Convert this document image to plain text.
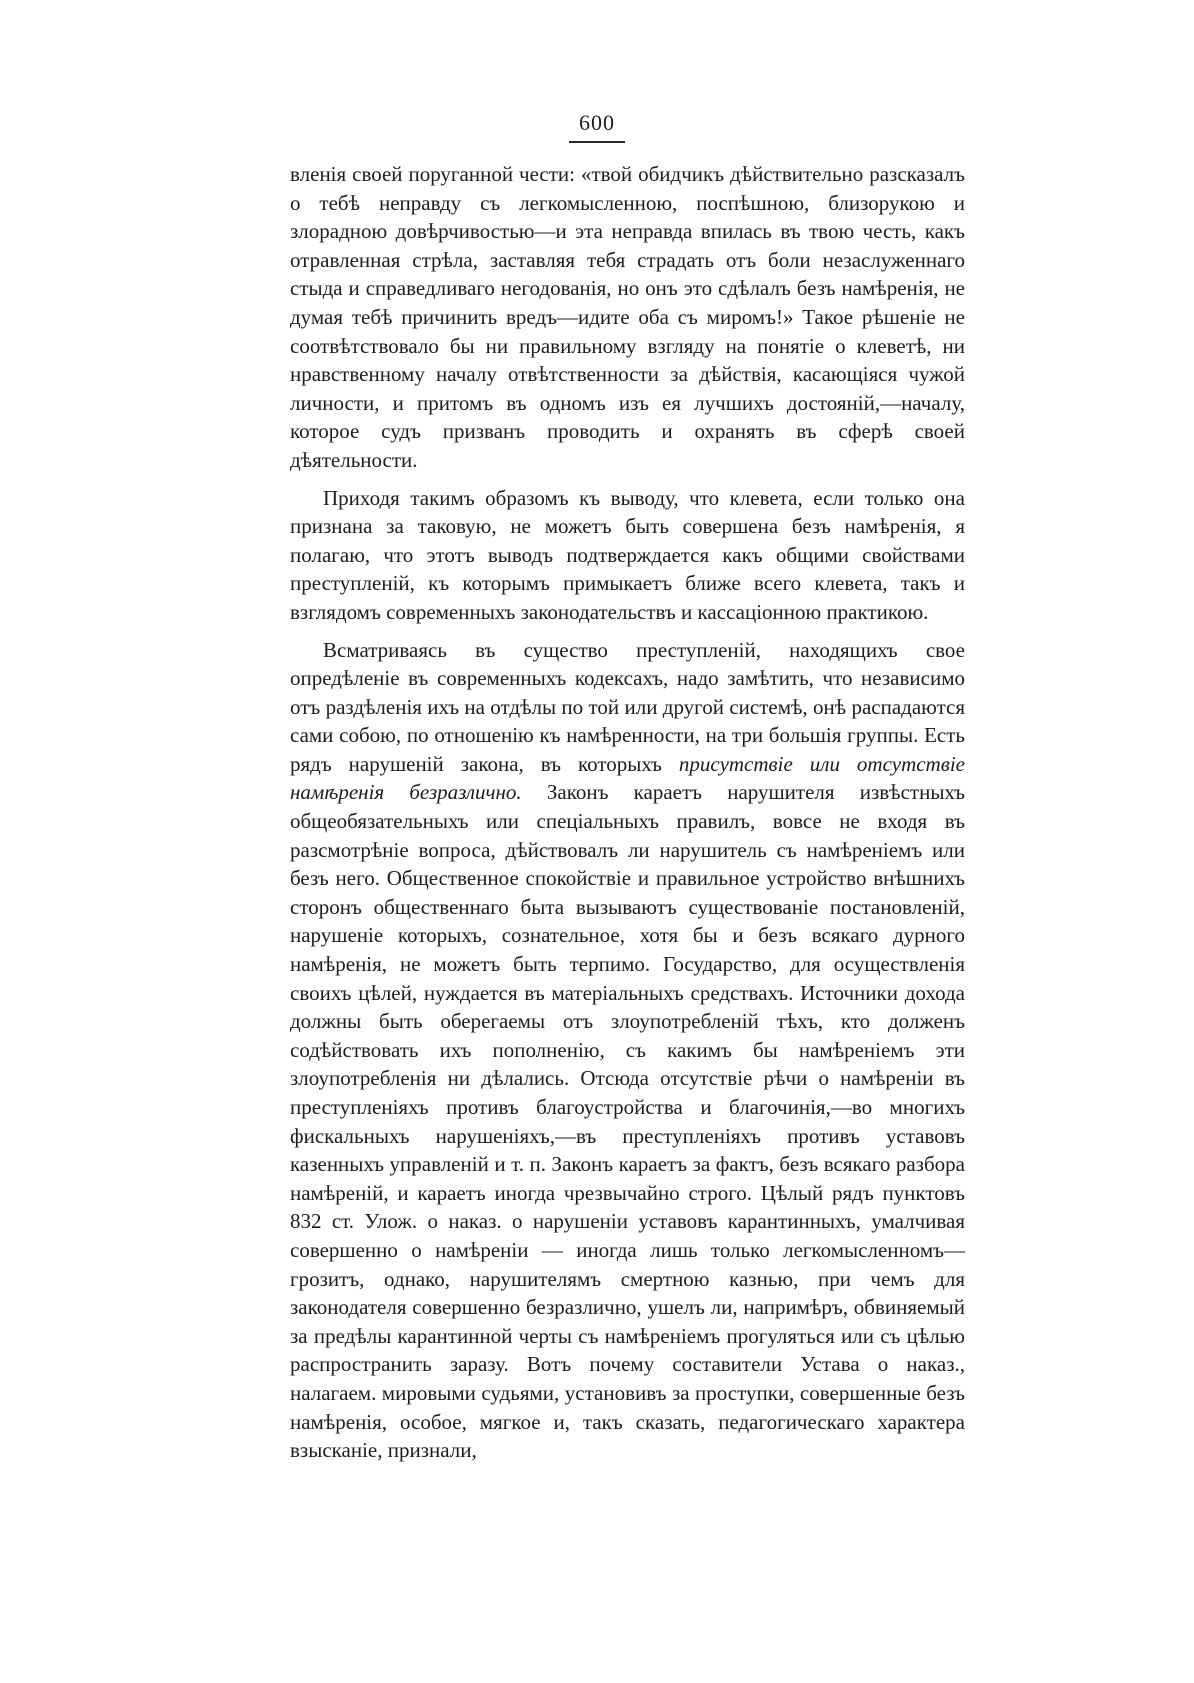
600

вленія своей поруганной чести: «твой обидчикъ дѣйствительно разсказалъ о тебѣ неправду съ легкомысленною, поспѣшною, близорукою и злорадною довѣрчивостью—и эта неправда впилась въ твою честь, какъ отравленная стрѣла, заставляя тебя страдать отъ боли незаслуженнаго стыда и справедливаго негодованія, но онъ это сдѣлалъ безъ намѣренія, не думая тебѣ причинить вредъ—идите оба съ миромъ!» Такое рѣшеніе не соотвѣтствовало бы ни правильному взгляду на понятіе о клеветѣ, ни нравственному началу отвѣтственности за дѣйствія, касающіяся чужой личности, и притомъ въ одномъ изъ ея лучшихъ достояній,—началу, которое судъ призванъ проводить и охранять въ сферѣ своей дѣятельности.

Приходя такимъ образомъ къ выводу, что клевета, если только она признана за таковую, не можетъ быть совершена безъ намѣренія, я полагаю, что этотъ выводъ подтверждается какъ общими свойствами преступленій, къ которымъ примыкаетъ ближе всего клевета, такъ и взглядомъ современныхъ законодательствъ и кассаціонною практикою.

Всматриваясь въ существо преступленій, находящихъ свое опредѣленіе въ современныхъ кодексахъ, надо замѣтить, что независимо отъ раздѣленія ихъ на отдѣлы по той или другой системѣ, онѣ распадаются сами собою, по отношенію къ намѣренности, на три большія группы. Есть рядъ нарушеній закона, въ которыхъ присутствіе или отсутствіе намѣренія безразлично. Законъ караетъ нарушителя извѣстныхъ общеобязательныхъ или спеціальныхъ правилъ, вовсе не входя въ разсмотрѣніе вопроса, дѣйствовалъ ли нарушитель съ намѣреніемъ или безъ него. Общественное спокойствіе и правильное устройство внѣшнихъ сторонъ общественнаго быта вызываютъ существованіе постановленій, нарушеніе которыхъ, сознательное, хотя бы и безъ всякаго дурного намѣренія, не можетъ быть терпимо. Государство, для осуществленія своихъ цѣлей, нуждается въ матеріальныхъ средствахъ. Источники дохода должны быть оберегаемы отъ злоупотребленій тѣхъ, кто долженъ содѣйствовать ихъ пополненію, съ какимъ бы намѣреніемъ эти злоупотребленія ни дѣлались. Отсюда отсутствіе рѣчи о намѣреніи въ преступленіяхъ противъ благоустройства и благочинія,—во многихъ фискальныхъ нарушеніяхъ,—въ преступленіяхъ противъ уставовъ казенныхъ управленій и т. п. Законъ караетъ за фактъ, безъ всякаго разбора намѣреній, и караетъ иногда чрезвычайно строго. Цѣлый рядъ пунктовъ 832 ст. Улож. о наказ. о нарушеніи уставовъ карантинныхъ, умалчивая совершенно о намѣреніи — иногда лишь только легкомысленномъ—грозитъ, однако, нарушителямъ смертною казнью, при чемъ для законодателя совершенно безразлично, ушелъ ли, напримѣръ, обвиняемый за предѣлы карантинной черты съ намѣреніемъ прогуляться или съ цѣлью распространить заразу. Вотъ почему составители Устава о наказ., налагаем. мировыми судьями, установивъ за проступки, совершенные безъ намѣренія, особое, мягкое и, такъ сказать, педагогическаго характера взысканіе, признали,
